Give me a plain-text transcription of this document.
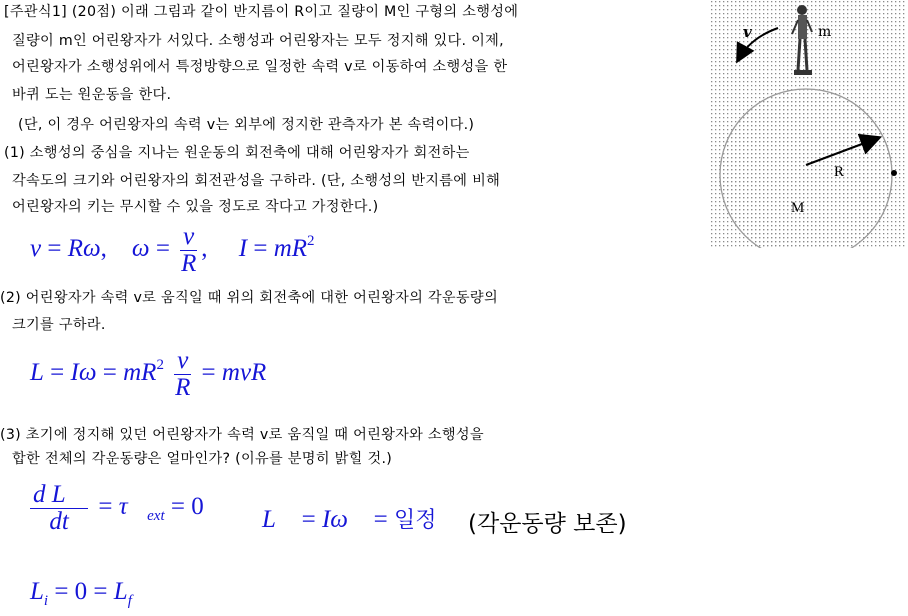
[주관식1] (20점) 이래 그림과 같이 반지름이 R이고 질량이 M인 구형의 소행성에
질량이 m인 어린왕자가 서있다. 소행성과 어린왕자는 모두 정지해 있다. 이제,
어린왕자가 소행성위에서 특정방향으로 일정한 속력 v로 이동하여 소행성을 한
바퀴 도는 원운동을 한다.
(단, 이 경우 어린왕자의 속력 v는 외부에 정지한 관측자가 본 속력이다.)
(1) 소행성의 중심을 지나는 원운동의 회전축에 대해 어린왕자가 회전하는
각속도의 크기와 어린왕자의 회전관성을 구하라. (단, 소행성의 반지름에 비해
어린왕자의 키는 무시할 수 있을 정도로 작다고 가정한다.)
v = Rω,    $\omega = \frac{v}{R}$ ,     $I = mR^2$
(2) 어린왕자가 속력 v로 움직일 때 위의 회전축에 대한 어린왕자의 각운동량의
크기를 구하라.
$L = I\omega = mR^2 \frac{v}{R}$ = mvR
(3) 초기에 정지해 있던 어린왕자가 속력 v로 움직일 때 어린왕자와 소행성을
합한 전체의 각운동량은 얼마인가? (이유를 분명히 밝힐 것.)
$\frac{\text{d L⃗}}{dt}$ = $\tau⃗_{ext} = 0$ L⃗ = Iω⃗ = 일정 (각운동량 보존)
$L_i = 0 = L_f$
v	m
R
M
